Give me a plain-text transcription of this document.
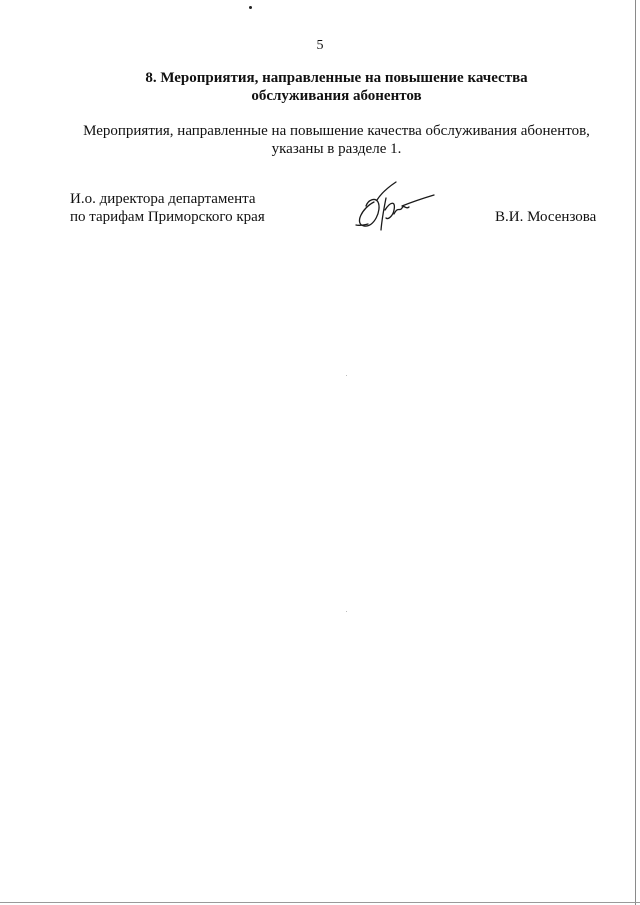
5
8. Мероприятия, направленные на повышение качества
обслуживания абонентов
Мероприятия, направленные на повышение качества обслуживания абонентов,
указаны в разделе 1.
И.о. директора департамента
по тарифам Приморского края	В.И. Мосензова
